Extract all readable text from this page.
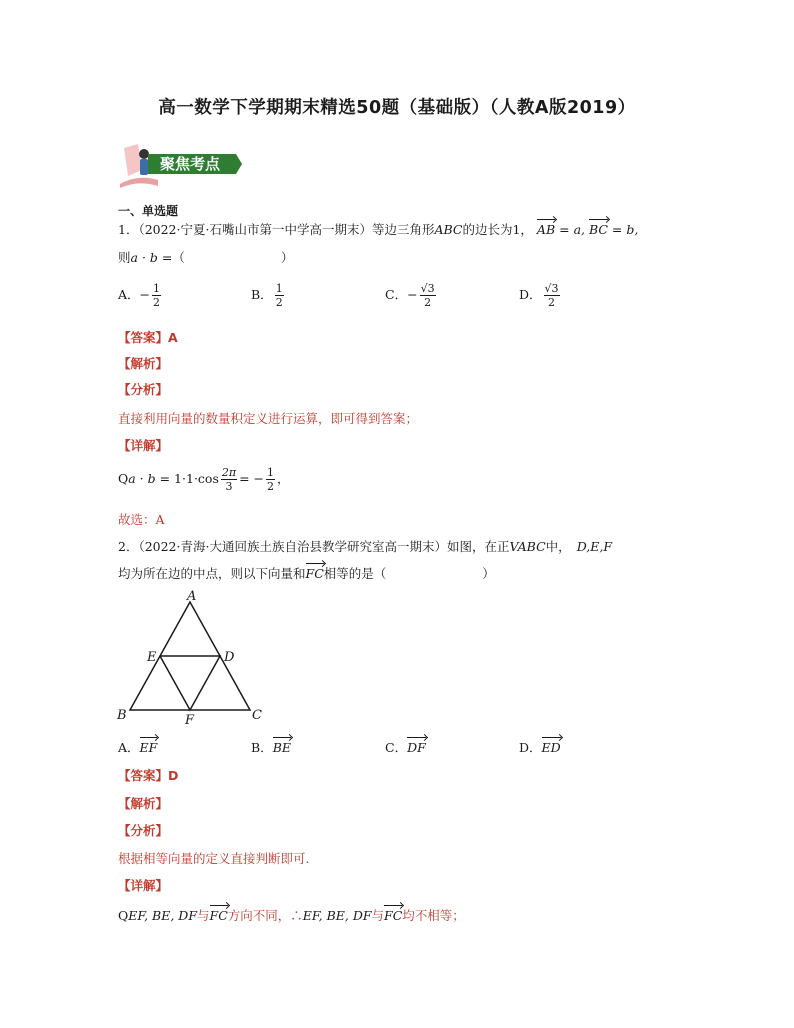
高一数学下学期期末精选50题（基础版）（人教A版2019）
聚焦考点
一、单选题
1．（2022·宁夏·石嘴山市第一中学高一期末）等边三角形ABC的边长为1， AB = a, BC = b,
则a · b =（	）
A．− $\frac{1}{2}$	B． $\frac{1}{2}$	C．− $\frac{√3}{2}$	D． $\frac{√3}{2}$
【答案】A
【解析】
【分析】
直接利用向量的数量积定义进行运算，即可得到答案；
【详解】
$Qa \cdot b = 1\cdot 1\cdot\cos \frac{2\pi}{3}$ = − $\frac{1}{2}$ ，
故选：A
2．（2022·青海·大通回族土族自治县教学研究室高一期末）如图，在正VABC中， D,E,F
均为所在边的中点，则以下向量和FC相等的是（	）
A
B	C
D
E
F
A．EF	B．BE	C．DF	D．ED
【答案】D
【解析】
【分析】
根据相等向量的定义直接判断即可.
【详解】
QEF, BE, DF与FC方向不同，∴EF, BE, DF与FC均不相等；
